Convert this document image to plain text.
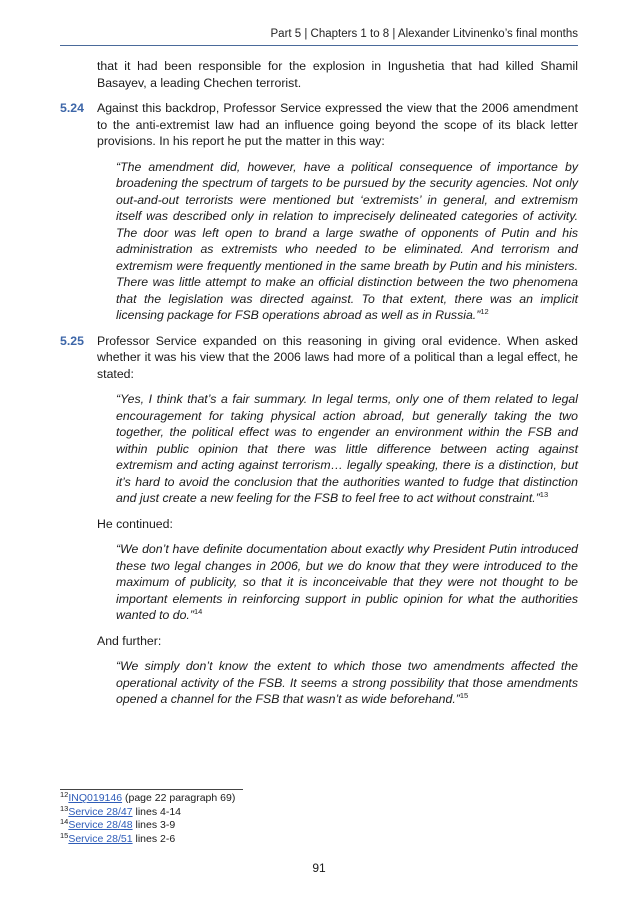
Part 5 | Chapters 1 to 8 | Alexander Litvinenko’s final months

that it had been responsible for the explosion in Ingushetia that had killed Shamil Basayev, a leading Chechen terrorist.

5.24 Against this backdrop, Professor Service expressed the view that the 2006 amendment to the anti-extremist law had an influence going beyond the scope of its black letter provisions. In his report he put the matter in this way:

“The amendment did, however, have a political consequence of importance by broadening the spectrum of targets to be pursued by the security agencies. Not only out-and-out terrorists were mentioned but ‘extremists’ in general, and extremism itself was described only in relation to imprecisely delineated categories of activity. The door was left open to brand a large swathe of opponents of Putin and his administration as extremists who needed to be eliminated. And terrorism and extremism were frequently mentioned in the same breath by Putin and his ministers. There was little attempt to make an official distinction between the two phenomena that the legislation was directed against. To that extent, there was an implicit licensing package for FSB operations abroad as well as in Russia.”$^{12}$

5.25 Professor Service expanded on this reasoning in giving oral evidence. When asked whether it was his view that the 2006 laws had more of a political than a legal effect, he stated:

“Yes, I think that’s a fair summary. In legal terms, only one of them related to legal encouragement for taking physical action abroad, but generally taking the two together, the political effect was to engender an environment within the FSB and within public opinion that there was little difference between acting against extremism and acting against terrorism… legally speaking, there is a distinction, but it’s hard to avoid the conclusion that the authorities wanted to fudge that distinction and just create a new feeling for the FSB to feel free to act without constraint.”$^{13}$

He continued:

“We don’t have definite documentation about exactly why President Putin introduced these two legal changes in 2006, but we do know that they were introduced to the maximum of publicity, so that it is inconceivable that they were not thought to be important elements in reinforcing support in public opinion for what the authorities wanted to do.”$^{14}$

And further:

“We simply don’t know the extent to which those two amendments affected the operational activity of the FSB. It seems a strong possibility that those amendments opened a channel for the FSB that wasn’t as wide beforehand.”$^{15}$

$^{12}$INQ019146 (page 22 paragraph 69)
$^{13}$Service 28/47 lines 4-14
$^{14}$Service 28/48 lines 3-9
$^{15}$Service 28/51 lines 2-6
91
